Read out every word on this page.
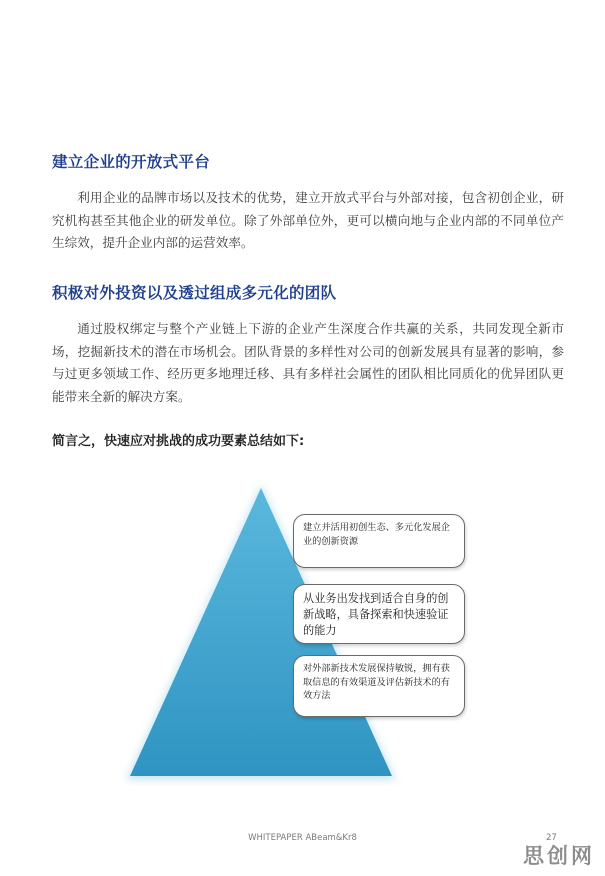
建立企业的开放式平台

利用企业的品牌市场以及技术的优势，建立开放式平台与外部对接，包含初创企业，研究机构甚至其他企业的研发单位。除了外部单位外，更可以横向地与企业内部的不同单位产生综效，提升企业内部的运营效率。

积极对外投资以及透过组成多元化的团队

通过股权绑定与整个产业链上下游的企业产生深度合作共赢的关系，共同发现全新市场，挖掘新技术的潜在市场机会。团队背景的多样性对公司的创新发展具有显著的影响，参与过更多领域工作、经历更多地理迁移、具有多样社会属性的团队相比同质化的优异团队更能带来全新的解决方案。

简言之，快速应对挑战的成功要素总结如下:

建立并活用初创生态、多元化发展企业的创新资源
从业务出发找到适合自身的创新战略，具备探索和快速验证的能力
对外部新技术发展保持敏锐，拥有获取信息的有效渠道及评估新技术的有效方法

WHITEPAPER ABeam&Kr8	27
思创网
